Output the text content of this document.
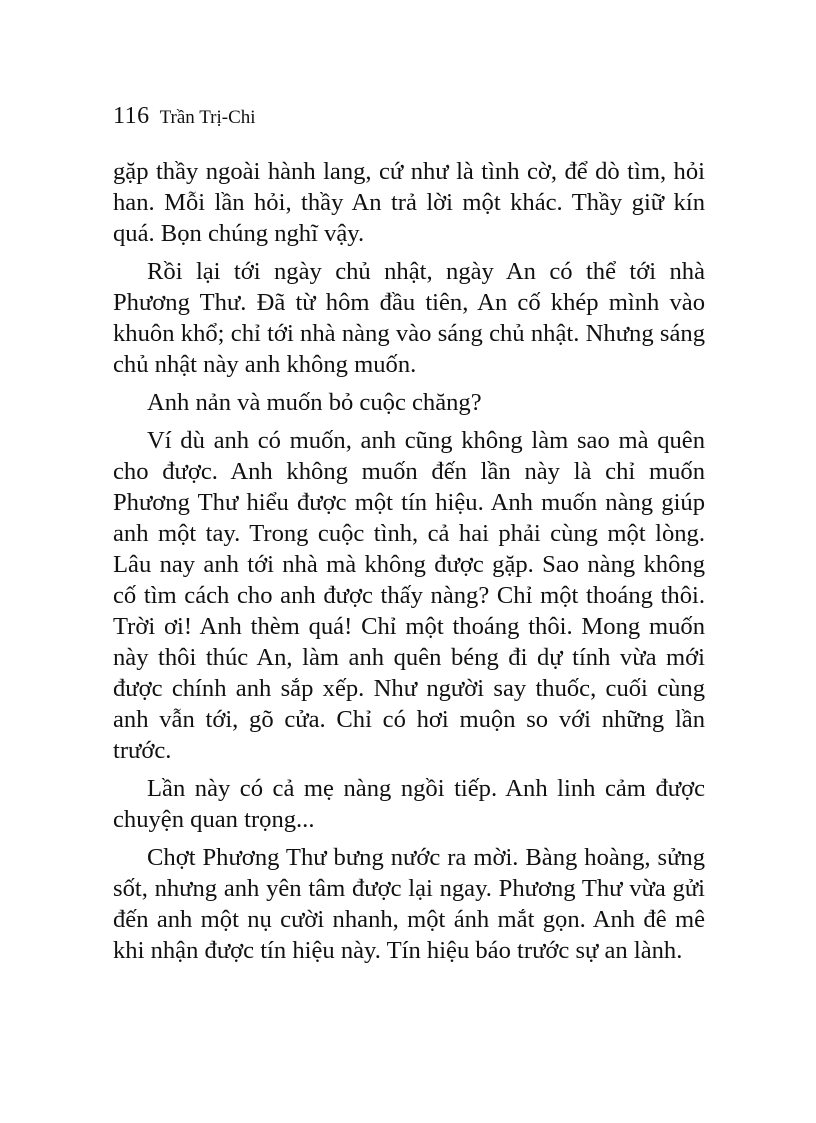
116 Trần Trị-Chi

gặp thầy ngoài hành lang, cứ như là tình cờ, để dò tìm, hỏi han. Mỗi lần hỏi, thầy An trả lời một khác. Thầy giữ kín quá. Bọn chúng nghĩ vậy.

Rồi lại tới ngày chủ nhật, ngày An có thể tới nhà Phương Thư. Đã từ hôm đầu tiên, An cố khép mình vào khuôn khổ; chỉ tới nhà nàng vào sáng chủ nhật. Nhưng sáng chủ nhật này anh không muốn.

Anh nản và muốn bỏ cuộc chăng?

Ví dù anh có muốn, anh cũng không làm sao mà quên cho được. Anh không muốn đến lần này là chỉ muốn Phương Thư hiểu được một tín hiệu. Anh muốn nàng giúp anh một tay. Trong cuộc tình, cả hai phải cùng một lòng. Lâu nay anh tới nhà mà không được gặp. Sao nàng không cố tìm cách cho anh được thấy nàng? Chỉ một thoáng thôi. Trời ơi! Anh thèm quá! Chỉ một thoáng thôi. Mong muốn này thôi thúc An, làm anh quên béng đi dự tính vừa mới được chính anh sắp xếp. Như người say thuốc, cuối cùng anh vẫn tới, gõ cửa. Chỉ có hơi muộn so với những lần trước.

Lần này có cả mẹ nàng ngồi tiếp. Anh linh cảm được chuyện quan trọng...

Chợt Phương Thư bưng nước ra mời. Bàng hoàng, sửng sốt, nhưng anh yên tâm được lại ngay. Phương Thư vừa gửi đến anh một nụ cười nhanh, một ánh mắt gọn. Anh đê mê khi nhận được tín hiệu này. Tín hiệu báo trước sự an lành.
